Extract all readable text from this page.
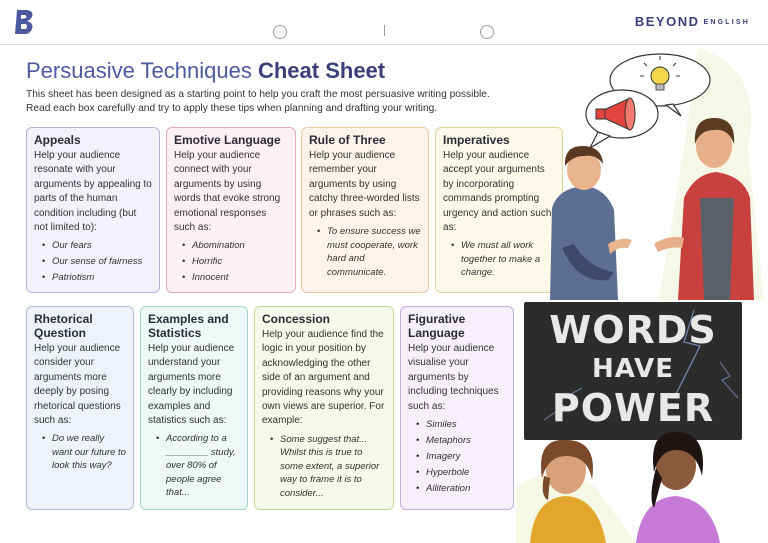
BEYOND ENGLISH
Persuasive Techniques Cheat Sheet
This sheet has been designed as a starting point to help you craft the most persuasive writing possible.
Read each box carefully and try to apply these tips when planning and drafting your writing.
Appeals

Help your audience resonate with your arguments by appealing to parts of the human condition including (but not limited to):

• Our fears
• Our sense of fairness
• Patriotism
Emotive Language

Help your audience connect with your arguments by using words that evoke strong emotional responses such as:

• Abomination
• Horrific
• Innocent
Rule of Three

Help your audience remember your arguments by using catchy three-worded lists or phrases such as:

• To ensure success we must cooperate, work hard and communicate.
Imperatives

Help your audience accept your arguments by incorporating commands prompting urgency and action such as:

• We must all work together to make a change.
Rhetorical Question

Help your audience consider your arguments more deeply by posing rhetorical questions such as:

• Do we really want our future to look this way?
Examples and Statistics

Help your audience understand your arguments more clearly by including examples and statistics such as:

• According to a ________ study, over 80% of people agree that...
Concession

Help your audience find the logic in your position by acknowledging the other side of an argument and providing reasons why your own views are superior. For example:

• Some suggest that... Whilst this is true to some extent, a superior way to frame it is to consider...
Figurative Language

Help your audience visualise your arguments by including techniques such as:

• Similes
• Metaphors
• Imagery
• Hyperbole
• Alliteration
WORDS
HAVE
POWER
